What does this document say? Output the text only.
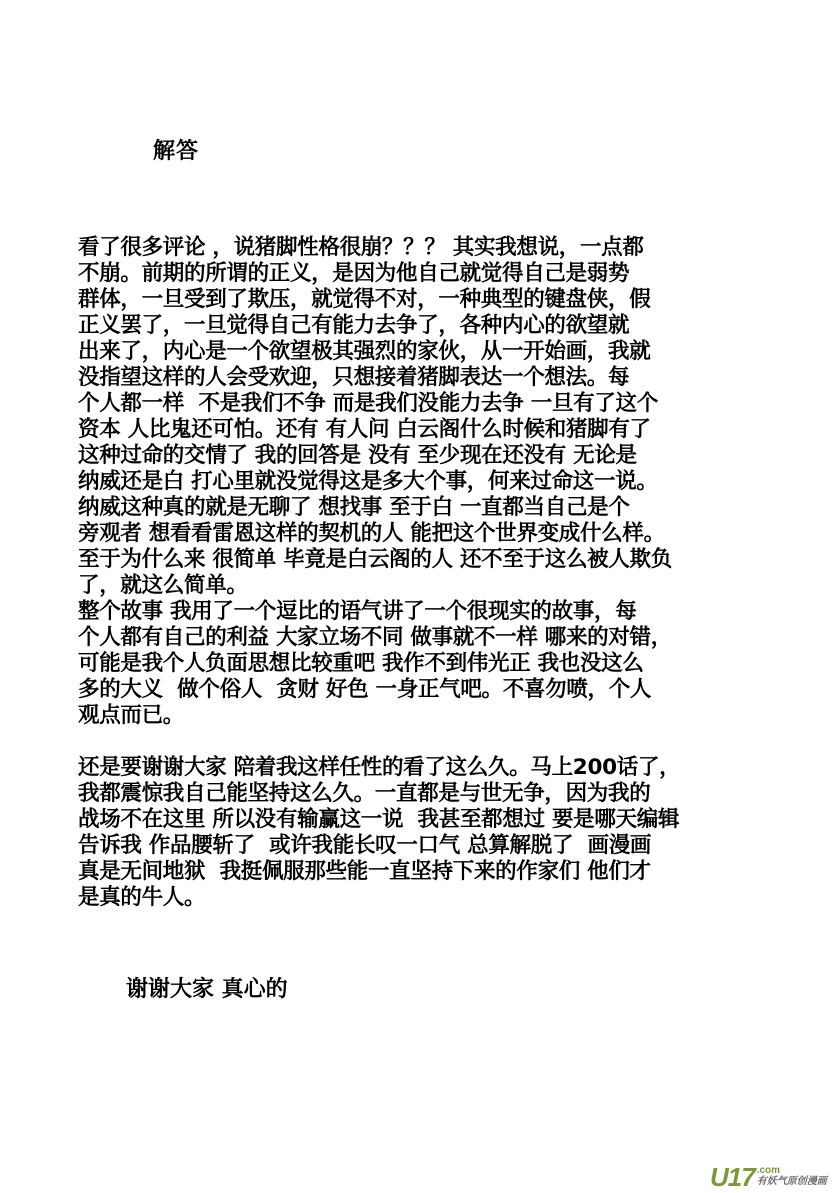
解答
看了很多评论 ，说猪脚性格很崩？？？ 其实我想说，一点都
不崩。前期的所谓的正义，是因为他自己就觉得自己是弱势
群体，一旦受到了欺压，就觉得不对，一种典型的键盘侠，假
正义罢了，一旦觉得自己有能力去争了，各种内心的欲望就
出来了，内心是一个欲望极其强烈的家伙，从一开始画，我就
没指望这样的人会受欢迎，只想接着猪脚表达一个想法。每
个人都一样  不是我们不争 而是我们没能力去争 一旦有了这个
资本 人比鬼还可怕。还有 有人问 白云阁什么时候和猪脚有了
这种过命的交情了 我的回答是 没有 至少现在还没有 无论是
纳威还是白 打心里就没觉得这是多大个事，何来过命这一说。
纳威这种真的就是无聊了 想找事 至于白 一直都当自己是个
旁观者 想看看雷恩这样的契机的人 能把这个世界变成什么样。
至于为什么来 很简单 毕竟是白云阁的人 还不至于这么被人欺负
了，就这么简单。
整个故事 我用了一个逗比的语气讲了一个很现实的故事，每
个人都有自己的利益 大家立场不同 做事就不一样 哪来的对错，
可能是我个人负面思想比较重吧 我作不到伟光正 我也没这么
多的大义  做个俗人  贪财 好色 一身正气吧。不喜勿喷，个人
观点而已。
还是要谢谢大家 陪着我这样任性的看了这么久。马上200话了，
我都震惊我自己能坚持这么久。一直都是与世无争，因为我的
战场不在这里 所以没有输赢这一说  我甚至都想过 要是哪天编辑
告诉我 作品腰斩了  或许我能长叹一口气 总算解脱了  画漫画
真是无间地狱  我挺佩服那些能一直坚持下来的作家们 他们才
是真的牛人。
谢谢大家 真心的
U17 .com
有妖气原创漫画
